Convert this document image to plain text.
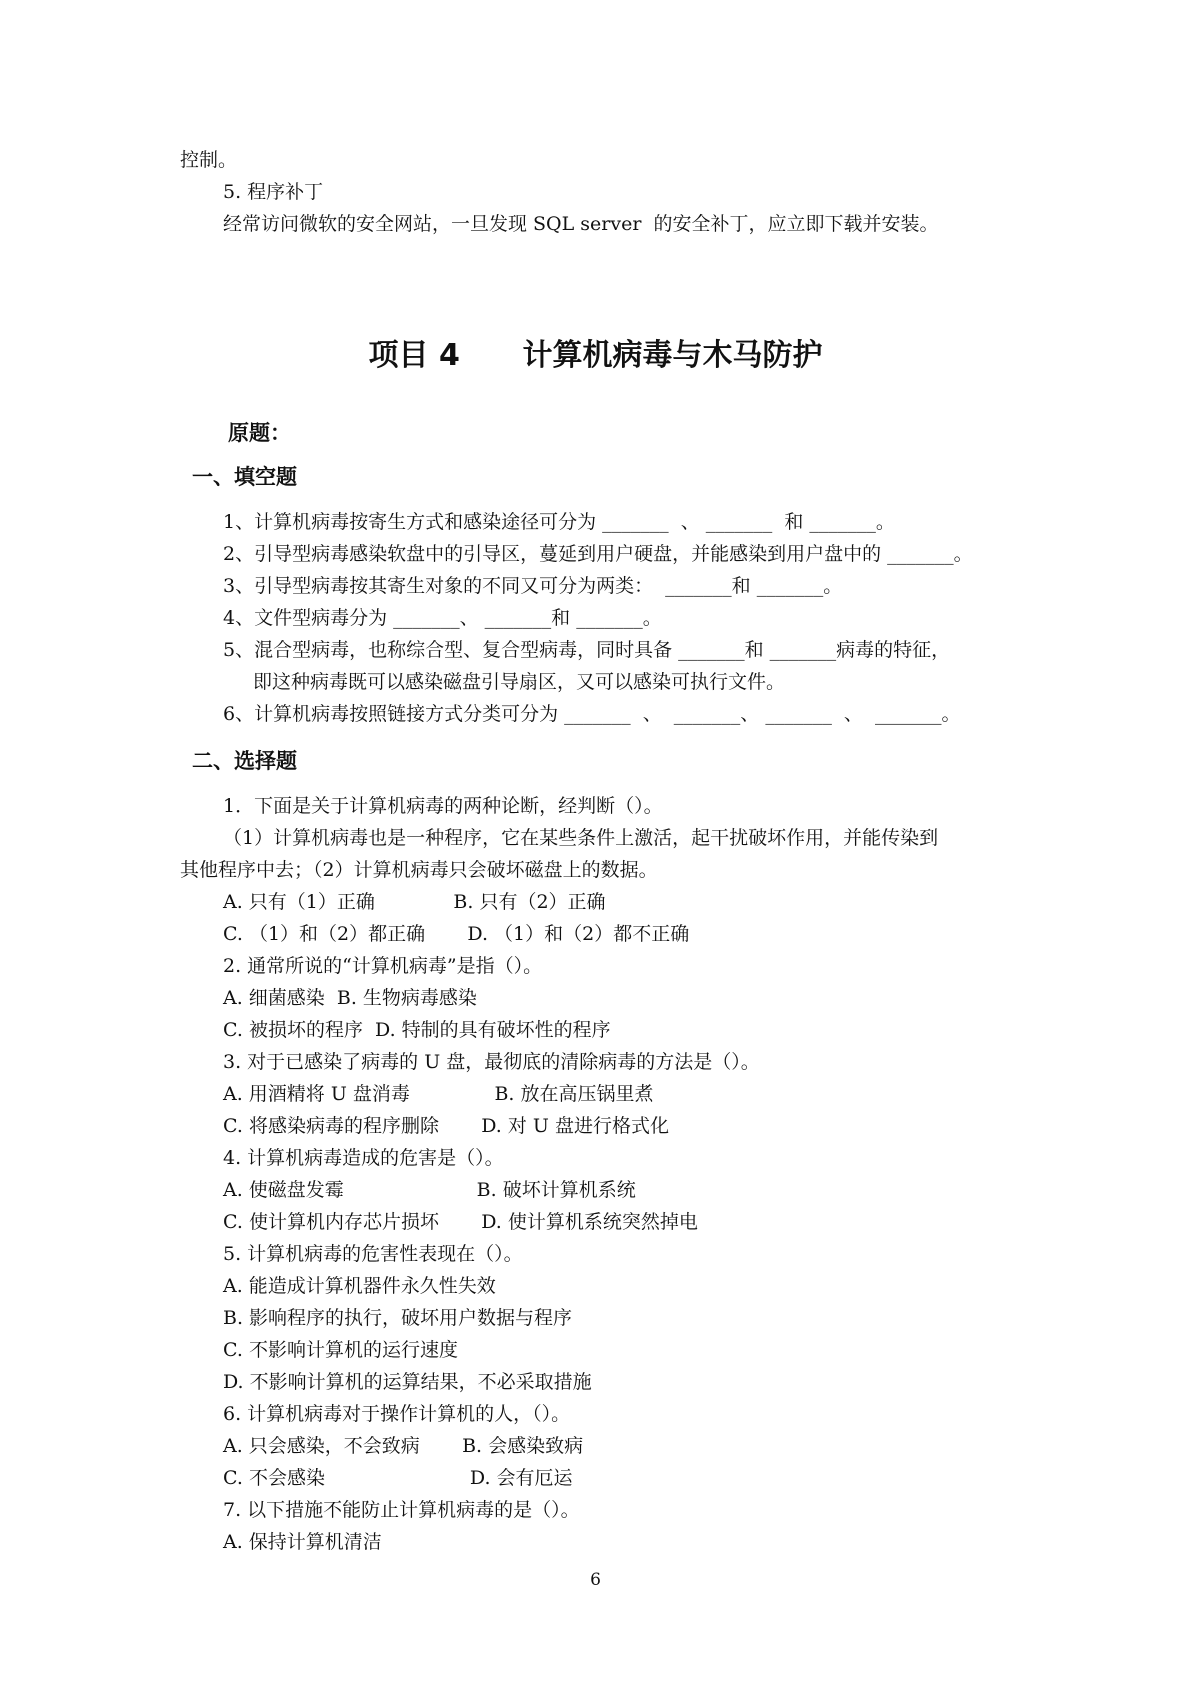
控制。
5. 程序补丁
经常访问微软的安全网站，一旦发现 SQL server  的安全补丁，应立即下载并安装。
项目 4      计算机病毒与木马防护
原题：
一、填空题
1、计算机病毒按寄生方式和感染途径可分为 _______  、 _______  和 _______。
2、引导型病毒感染软盘中的引导区，蔓延到用户硬盘，并能感染到用户盘中的 _______。
3、引导型病毒按其寄生对象的不同又可分为两类：  _______和 _______。
4、文件型病毒分为 _______、 _______和 _______。
5、混合型病毒，也称综合型、复合型病毒，同时具备 _______和 _______病毒的特征，
即这种病毒既可以感染磁盘引导扇区，又可以感染可执行文件。
6、计算机病毒按照链接方式分类可分为 _______  、  _______、 _______  、  _______。
二、选择题
1．下面是关于计算机病毒的两种论断，经判断（）。
（1）计算机病毒也是一种程序，它在某些条件上激活，起干扰破坏作用，并能传染到
其他程序中去；（2）计算机病毒只会破坏磁盘上的数据。
A. 只有（1）正确             B. 只有（2）正确
C. （1）和（2）都正确       D. （1）和（2）都不正确
2. 通常所说的“计算机病毒”是指（）。
A. 细菌感染  B. 生物病毒感染
C. 被损坏的程序  D. 特制的具有破坏性的程序
3. 对于已感染了病毒的 U 盘，最彻底的清除病毒的方法是（）。
A. 用酒精将 U 盘消毒              B. 放在高压锅里煮
C. 将感染病毒的程序删除       D. 对 U 盘进行格式化
4. 计算机病毒造成的危害是（）。
A. 使磁盘发霉                      B. 破坏计算机系统
C. 使计算机内存芯片损坏       D. 使计算机系统突然掉电
5. 计算机病毒的危害性表现在（）。
A. 能造成计算机器件永久性失效
B. 影响程序的执行，破坏用户数据与程序
C. 不影响计算机的运行速度
D. 不影响计算机的运算结果，不必采取措施
6. 计算机病毒对于操作计算机的人，（）。
A. 只会感染，不会致病       B. 会感染致病
C. 不会感染                        D. 会有厄运
7. 以下措施不能防止计算机病毒的是（）。
A. 保持计算机清洁
6
